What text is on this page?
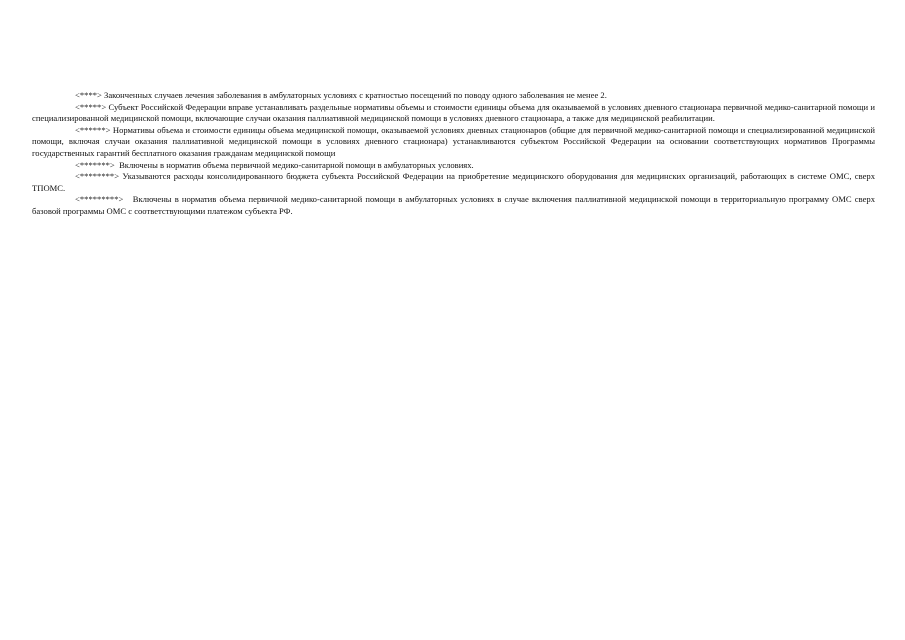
<****> Законченных случаев лечения заболевания в амбулаторных условиях с кратностью посещений по поводу одного заболевания не менее 2.

<*****> Субъект Российской Федерации вправе устанавливать раздельные нормативы объемы и стоимости единицы объема для оказываемой в условиях дневного стационара первичной медико-санитарной помощи и специализированной медицинской помощи, включающие случаи оказания паллиативной медицинской помощи в условиях дневного стационара, а также для медицинской реабилитации.

<******> Нормативы объема и стоимости единицы объема медицинской помощи, оказываемой условиях дневных стационаров (общие для первичной медико-санитарной помощи и специализированной медицинской помощи, включая случаи оказания паллиативной медицинской помощи в условиях дневного стационара) устанавливаются субъектом Российской Федерации на основании соответствующих нормативов Программы государственных гарантий бесплатного оказания гражданам медицинской помощи

<*******>  Включены в норматив объема первичной медико-санитарной помощи в амбулаторных условиях.

<********> Указываются расходы консолидированного бюджета субъекта Российской Федерации на приобретение медицинского оборудования для медицинских организаций, работающих в системе ОМС, сверх   ТПОМС.

<*********>   Включены в норматив объема первичной медико-санитарной помощи в амбулаторных условиях в случае включения паллиативной медицинской помощи в территориальную программу ОМС сверх базовой программы ОМС с соответствующими платежом субъекта РФ.
